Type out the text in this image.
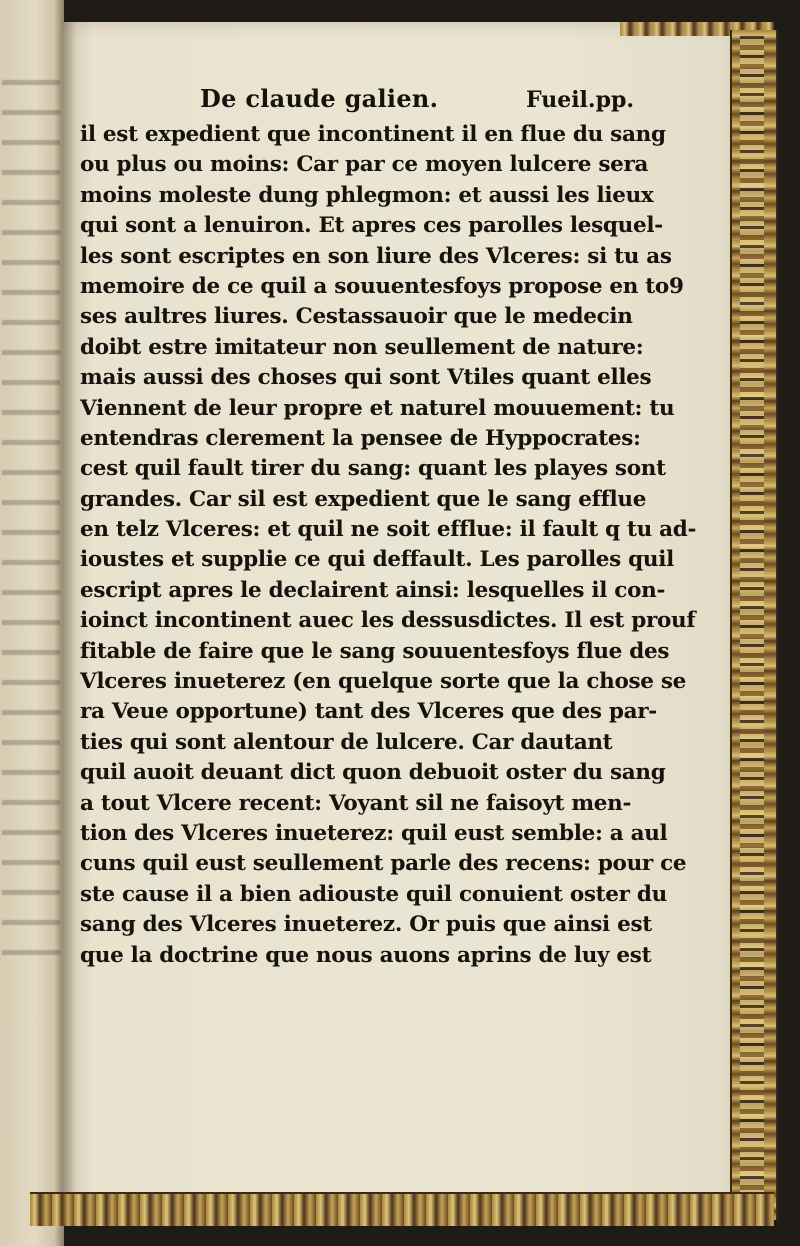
De claude galien.	Fueil.pp.
il est expedient que incontinent il en flue du sang
ou plus ou moins: Car par ce moyen lulcere sera
moins moleste dung phlegmon: et aussi les lieux
qui sont a lenuiron. Et apres ces parolles lesquel-
les sont escriptes en son liure des Vlceres: si tu as
memoire de ce quil a souuentesfoys propose en to9
ses aultres liures. Cestassauoir que le medecin
doibt estre imitateur non seullement de nature:
mais aussi des choses qui sont Vtiles quant elles
Viennent de leur propre et naturel mouuement: tu
entendras clerement la pensee de Hyppocrates:
cest quil fault tirer du sang: quant les playes sont
grandes. Car sil est expedient que le sang efflue
en telz Vlceres: et quil ne soit efflue: il fault q tu ad-
ioustes et supplie ce qui deffault. Les parolles quil
escript apres le declairent ainsi: lesquelles il con-
ioinct incontinent auec les dessusdictes. Il est prouf
fitable de faire que le sang souuentesfoys flue des
Vlceres inueterez (en quelque sorte que la chose se
ra Veue opportune) tant des Vlceres que des par-
ties qui sont alentour de lulcere. Car dautant
quil auoit deuant dict quon debuoit oster du sang
a tout Vlcere recent: Voyant sil ne faisoyt men-
tion des Vlceres inueterez: quil eust semble: a aul
cuns quil eust seullement parle des recens: pour ce
ste cause il a bien adiouste quil conuient oster du
sang des Vlceres inueterez. Or puis que ainsi est
que la doctrine que nous auons aprins de luy est
